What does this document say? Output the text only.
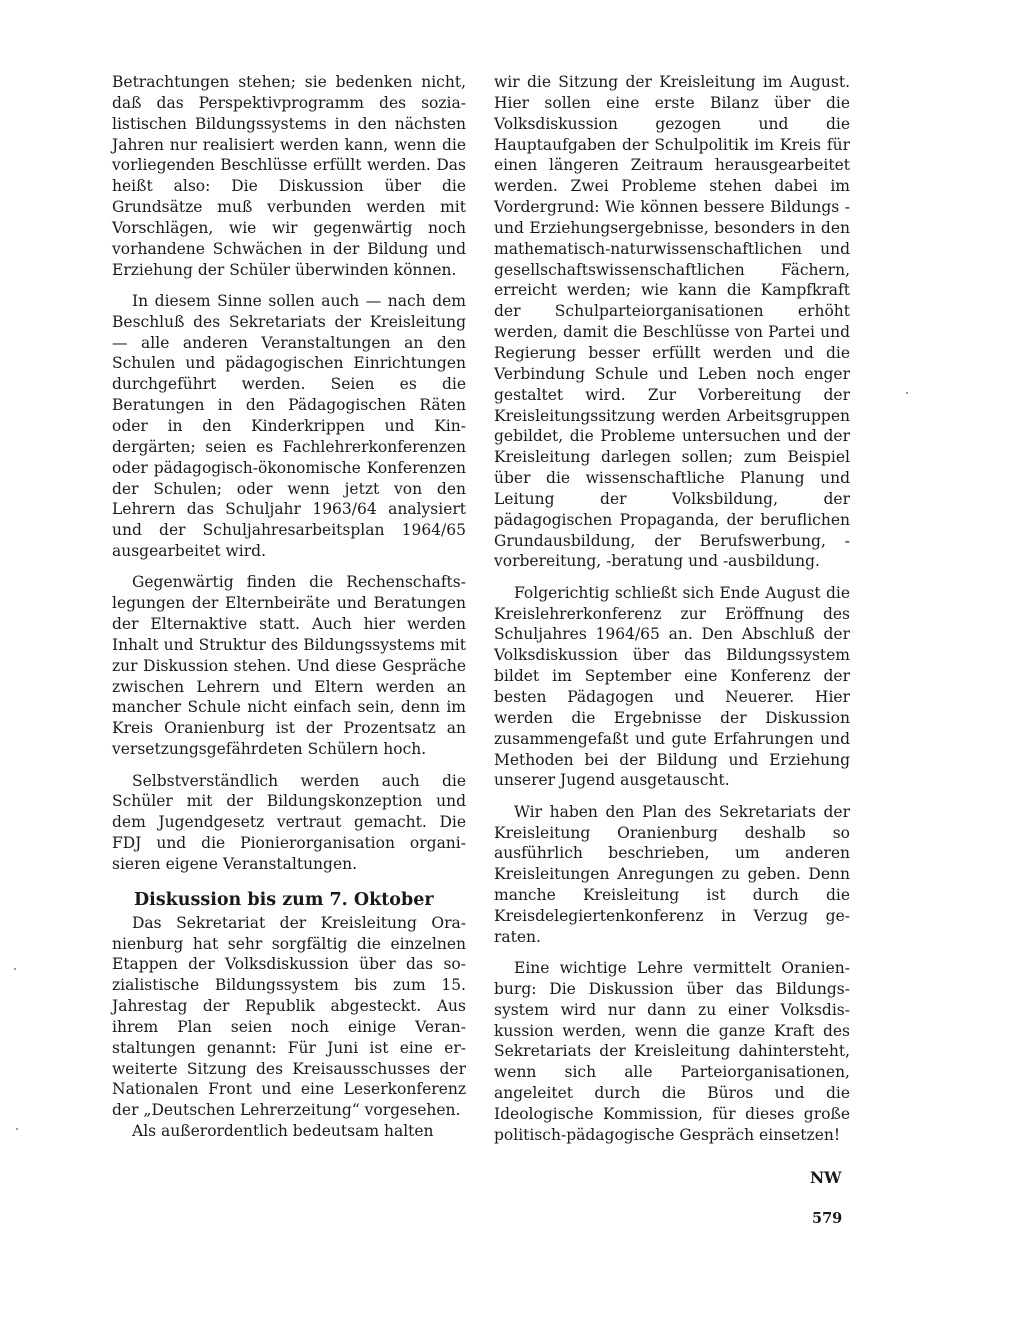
Betrachtungen stehen; sie bedenken nicht, daß das Perspektivprogramm des sozialistischen Bildungssystems in den nächsten Jahren nur realisiert werden kann, wenn die vorliegenden Beschlüsse erfüllt werden. Das heißt also: Die Diskussion über die Grundsätze muß verbunden werden mit Vorschlägen, wie wir gegenwärtig noch vorhandene Schwächen in der Bildung und Erziehung der Schüler überwinden können.

In diesem Sinne sollen auch — nach dem Beschluß des Sekretariats der Kreisleitung — alle anderen Veranstaltungen an den Schulen und pädagogischen Einrichtungen durchgeführt werden. Seien es die Beratungen in den Pädagogischen Räten oder in den Kinderkrippen und Kindergärten; seien es Fachlehrerkonferenzen oder pädagogisch-ökonomische Konferenzen der Schulen; oder wenn jetzt von den Lehrern das Schuljahr 1963/64 analysiert und der Schuljahresarbeitsplan 1964/65 ausgearbeitet wird.

Gegenwärtig finden die Rechenschaftslegungen der Elternbeiräte und Beratungen der Elternaktive statt. Auch hier werden Inhalt und Struktur des Bildungssystems mit zur Diskussion stehen. Und diese Gespräche zwischen Lehrern und Eltern werden an mancher Schule nicht einfach sein, denn im Kreis Oranienburg ist der Prozentsatz an versetzungsgefährdeten Schülern hoch.

Selbstverständlich werden auch die Schüler mit der Bildungskonzeption und dem Jugendgesetz vertraut gemacht. Die FDJ und die Pionierorganisation organisieren eigene Veranstaltungen.

Diskussion bis zum 7. Oktober

Das Sekretariat der Kreisleitung Oranienburg hat sehr sorgfältig die einzelnen Etappen der Volksdiskussion über das sozialistische Bildungssystem bis zum 15. Jahrestag der Republik abgesteckt. Aus ihrem Plan seien noch einige Veranstaltungen genannt: Für Juni ist eine erweiterte Sitzung des Kreisausschusses der Nationalen Front und eine Leserkonferenz der „Deutschen Lehrerzeitung“ vorgesehen.

Als außerordentlich bedeutsam halten

wir die Sitzung der Kreisleitung im August. Hier sollen eine erste Bilanz über die Volksdiskussion gezogen und die Hauptaufgaben der Schulpolitik im Kreis für einen längeren Zeitraum herausgearbeitet werden. Zwei Probleme stehen dabei im Vordergrund: Wie können bessere Bildungs -und Erziehungsergebnisse, besonders in den mathematisch-naturwissenschaftlichen und gesellschaftswissenschaftlichen Fächern, erreicht werden; wie kann die Kampfkraft der Schulparteiorganisationen erhöht werden, damit die Beschlüsse von Partei und Regierung besser erfüllt werden und die Verbindung Schule und Leben noch enger gestaltet wird. Zur Vorbereitung der Kreisleitungssitzung werden Arbeitsgruppen gebildet, die Probleme untersuchen und der Kreisleitung darlegen sollen; zum Beispiel über die wissenschaftliche Planung und Leitung der Volksbildung, der pädagogischen Propaganda, der beruflichen Grundausbildung, der Berufswerbung, -vorbereitung, -beratung und -ausbildung.

Folgerichtig schließt sich Ende August die Kreislehrerkonferenz zur Eröffnung des Schuljahres 1964/65 an. Den Abschluß der Volksdiskussion über das Bildungssystem bildet im September eine Konferenz der besten Pädagogen und Neuerer. Hier werden die Ergebnisse der Diskussion zusammengefaßt und gute Erfahrungen und Methoden bei der Bildung und Erziehung unserer Jugend ausgetauscht.

Wir haben den Plan des Sekretariats der Kreisleitung Oranienburg deshalb so ausführlich beschrieben, um anderen Kreisleitungen Anregungen zu geben. Denn manche Kreisleitung ist durch die Kreisdelegiertenkonferenz in Verzug geraten.

Eine wichtige Lehre vermittelt Oranienburg: Die Diskussion über das Bildungssystem wird nur dann zu einer Volksdiskussion werden, wenn die ganze Kraft des Sekretariats der Kreisleitung dahintersteht, wenn sich alle Parteiorganisationen, angeleitet durch die Büros und die Ideologische Kommission, für dieses große politisch-pädagogische Gespräch einsetzen!

NW
579
